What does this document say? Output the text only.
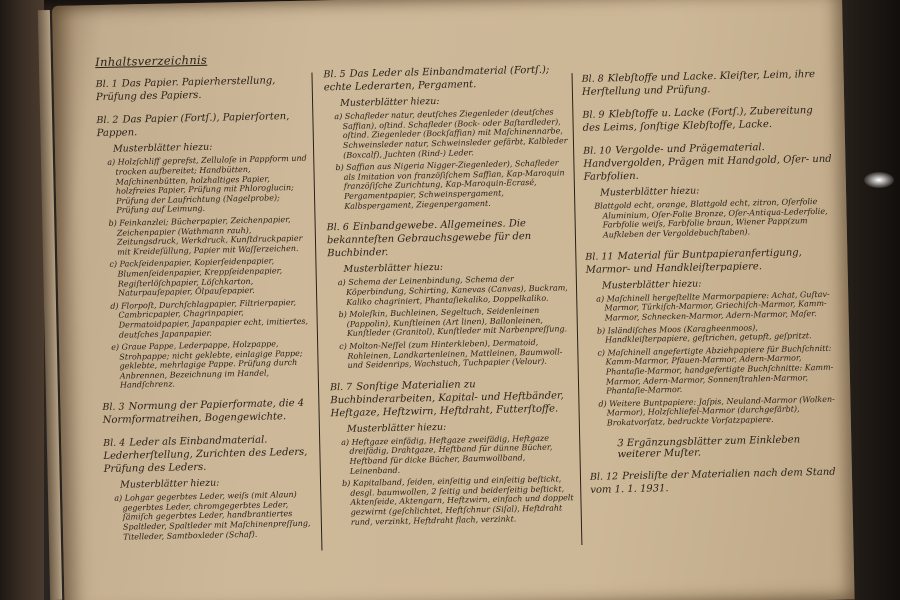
Inhaltsverzeichnis
Bl. 1 Das Papier. Papierherstellung, Prüfung des Papiers.
Bl. 2 Das Papier (Fortſ.), Papierſorten, Pappen.
Musterblätter hiezu:
a) Holzſchliff geprefst, Zelluloſe in Pappform und trocken aufbereitet; Handbütten, Maſchinenbütten, holzhaltiges Papier, holzfreies Papier, Prüfung mit Phloroglucin; Prüfung der Laufrichtung (Nagelprobe); Prüfung auf Leimung.
b) Feinkanzlei; Bücherpapier, Zeichenpapier, Zeichenpapier (Wathmann rauh), Zeitungsdruck, Werkdruck, Kunſtdruckpapier mit Kreideſüllung, Papier mit Waſſerzeichen.
c) Packſeidenpapier, Kopierſeidenpapier, Blumenſeidenpapier, Kreppſeidenpapier, Regiſterlöſchpapier, Löſchkarton, Naturpauſepapier, Ölpauſepapier.
d) Florpoſt, Durchſchlagpapier, Filtrierpapier, Cambricpapier, Chagrinpapier, Dermatoidpapier, Japanpapier echt, imitiertes, deutſches Japanpapier.
e) Graue Pappe, Lederpappe, Holzpappe, Strohpappe; nicht geklebte, einlagige Pappe; geklebte, mehrlagige Pappe. Prüfung durch Anbrennen, Bezeichnung im Handel, Handſchrenz.
Bl. 3 Normung der Papierformate, die 4 Normformatreihen, Bogengewichte.
Bl. 4 Leder als Einbandmaterial. Lederherſtellung, Zurichten des Leders, Prüfung des Leders.
Musterblätter hiezu:
a) Lohgar gegerbtes Leder, weiſs (mit Alaun) gegerbtes Leder, chromgegerbtes Leder, ſämiſch gegerbtes Leder, handbrantiertes Spaltleder, Spaltleder mit Maſchinenpreſſung, Titelleder, Samtboxleder (Schaf).
Bl. 5 Das Leder als Einbandmaterial (Fortſ.); echte Lederarten, Pergament.
Musterblätter hiezu:
a) Schafleder natur, deutſches Ziegenleder (deutſches Saffian), oſtind. Schafleder (Bock- oder Baſtardleder), oſtind. Ziegenleder (Bockſaffian) mit Maſchinennarbe, Schweinsleder natur, Schweinsleder gefärbt, Kalbleder (Boxcalf), Juchten (Rind-) Leder.
b) Saffian aus Nigeria Nigger-Ziegenleder), Schafleder als Imitation von franzöſiſchem Saffian, Kap-Maroquin franzöſiſche Zurichtung, Kap-Maroquin-Ecrasé, Pergamentpapier, Schweinspergament, Kalbspergament, Ziegenpergament.
Bl. 6 Einbandgewebe. Allgemeines. Die bekannteſten Gebrauchsgewebe für den Buchbinder.
Musterblätter hiezu:
a) Schema der Leinenbindung, Schema der Köperbindung, Schirting, Kanevas (Canvas), Buckram, Kaliko chagriniert, Phantaſiekaliko, Doppelkaliko.
b) Moleſkin, Buchleinen, Segeltuch, Seidenleinen (Pappolin), Kunſtleinen (Art linen), Ballonleinen, Kunſtleder (Granitol), Kunſtleder mit Narbenpreſſung.
c) Molton-Neſſel (zum Hinterkleben), Dermatoid, Rohleinen, Landkartenleinen, Mattleinen, Baumwoll- und Seidenrips, Wachstuch, Tuchpapier (Velour).
Bl. 7 Sonſtige Materialien zu Buchbinderarbeiten, Kapital- und Heftbänder, Heftgaze, Heftzwirn, Heftdraht, Futterſtoffe.
Musterblätter hiezu:
a) Heftgaze einfädig, Heftgaze zweifädig, Heftgaze dreifädig, Drahtgaze, Heftband für dünne Bücher, Heftband für dicke Bücher, Baumwollband, Leinenband.
b) Kapitalband, ſeiden, einſeitig und einſeitig beſtickt, desgl. baumwollen, 2 ſeitig und beiderſeitig beſtickt, Aktenſeide, Aktengarn, Heftzwirn, einfach und doppelt gezwirnt (geſchlichtet, Heftſchnur (Siſal), Heftdraht rund, verzinkt, Heftdraht flach, verzinkt.
Bl. 8 Klebſtoffe und Lacke. Kleiſter, Leim, ihre Herſtellung und Prüfung.
Bl. 9 Klebſtoffe u. Lacke (Fortſ.), Zubereitung des Leims, ſonſtige Klebſtoffe, Lacke.
Bl. 10 Vergolde- und Prägematerial. Handvergolden, Prägen mit Handgold, Oſer- und Farbfolien.
Musterblätter hiezu:
Blattgold echt, orange, Blattgold echt, zitron, Oſerfolie Aluminium, Oſer-Folie Bronze, Oſer-Antiqua-Lederfolie, Farbfolie weiſs, Farbfolie braun, Wiener Papp(zum Aufkleben der Vergoldebuchſtaben).
Bl. 11 Material für Buntpapieranfertigung, Marmor- und Handkleiſterpapiere.
Musterblätter hiezu:
a) Maſchinell hergeſtellte Marmorpapiere: Achat, Guſtav-Marmor, Türkiſch-Marmor, Griechiſch-Marmor, Kamm-Marmor, Schnecken-Marmor, Adern-Marmor, Maſer.
b) Isländiſches Moos (Karagheenmoos), Handkleiſterpapiere, geſtrichen, getupft, geſpritzt.
c) Maſchinell angefertigte Abziehpapiere für Buchſchnitt: Kamm-Marmor, Pfauen-Marmor, Adern-Marmor, Phantaſie-Marmor, handgefertigte Buchſchnitte: Kamm-Marmor, Adern-Marmor, Sonnenſtrahlen-Marmor, Phantaſie-Marmor.
d) Weitere Buntpapiere: Jaſpis, Neuland-Marmor (Wolken-Marmor), Holzſchliefel-Marmor (durchgefärbt), Brokatvorſatz, bedruckte Vorſatzpapiere.
3 Ergänzungsblätter zum Einkleben weiterer Muſter.
Bl. 12 Preisliſte der Materialien nach dem Stand vom 1. 1. 1931.
